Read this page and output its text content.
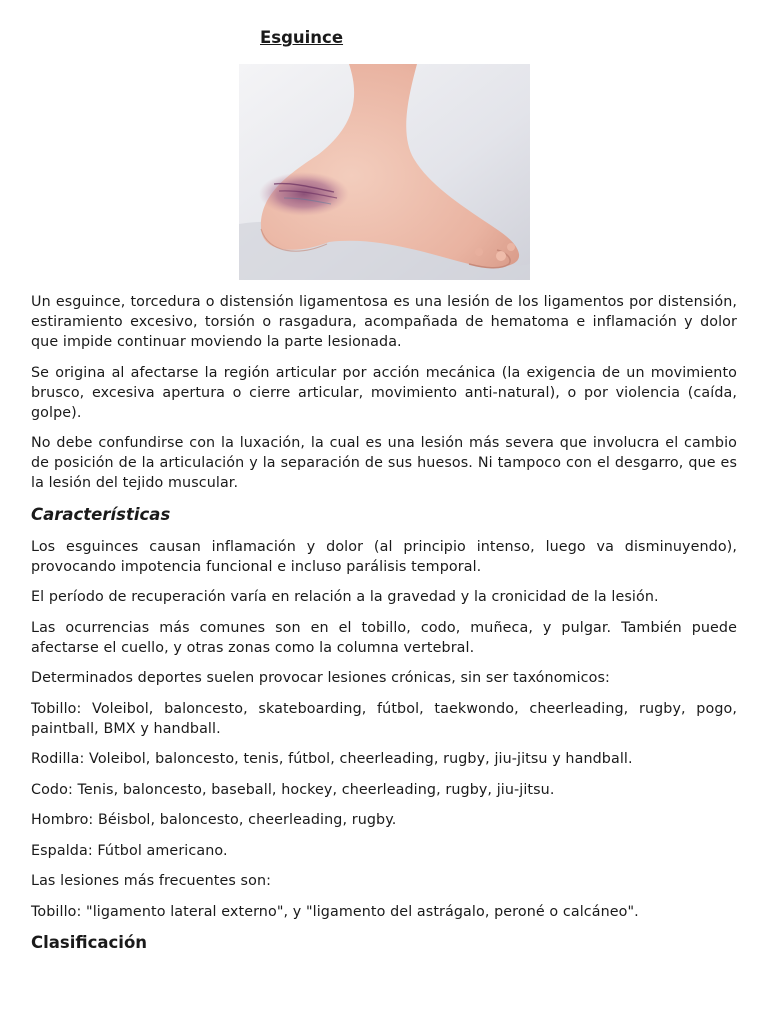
Esguince

Un esguince, torcedura o distensión ligamentosa es una lesión de los ligamentos por distensión, estiramiento excesivo, torsión o rasgadura, acompañada de hematoma e inflamación y dolor que impide continuar moviendo la parte lesionada.

Se origina al afectarse la región articular por acción mecánica (la exigencia de un movimiento brusco, excesiva apertura o cierre articular, movimiento anti-natural), o por violencia (caída, golpe).

No debe confundirse con la luxación, la cual es una lesión más severa que involucra el cambio de posición de la articulación y la separación de sus huesos. Ni tampoco con el desgarro, que es la lesión del tejido muscular.

Características

Los esguinces causan inflamación y dolor (al principio intenso, luego va disminuyendo), provocando impotencia funcional e incluso parálisis temporal.

El período de recuperación varía en relación a la gravedad y la cronicidad de la lesión.

Las ocurrencias más comunes son en el tobillo, codo, muñeca, y pulgar. También puede afectarse el cuello, y otras zonas como la columna vertebral.

Determinados deportes suelen provocar lesiones crónicas, sin ser taxónomicos:

Tobillo: Voleibol, baloncesto, skateboarding, fútbol, taekwondo, cheerleading, rugby, pogo, paintball, BMX y handball.

Rodilla: Voleibol, baloncesto, tenis, fútbol, cheerleading, rugby, jiu-jitsu y handball.

Codo: Tenis, baloncesto, baseball, hockey, cheerleading, rugby, jiu-jitsu.

Hombro: Béisbol, baloncesto, cheerleading, rugby.

Espalda: Fútbol americano.

Las lesiones más frecuentes son:

Tobillo: "ligamento lateral externo", y "ligamento del astrágalo, peroné o calcáneo".

Clasificación
